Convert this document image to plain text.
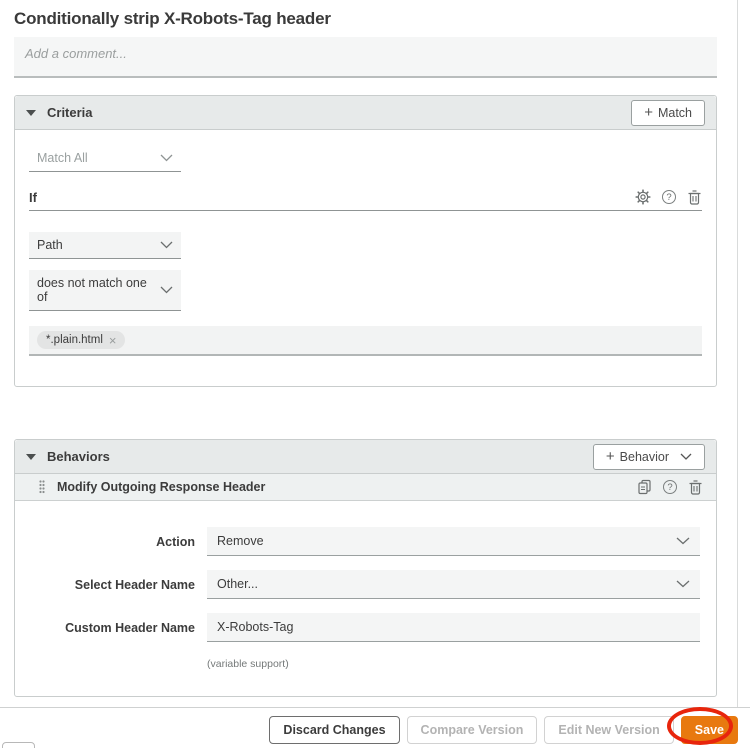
Conditionally strip X-Robots-Tag header
Add a comment...
Criteria	+ Match
Match All
If	?
Path
does not match one of
*.plain.html ×
Behaviors	+ Behavior
Modify Outgoing Response Header	?
Action Remove
Select Header Name Other...
Custom Header Name X-Robots-Tag
(variable support)
Discard Changes	Compare Version	Edit New Version	Save
